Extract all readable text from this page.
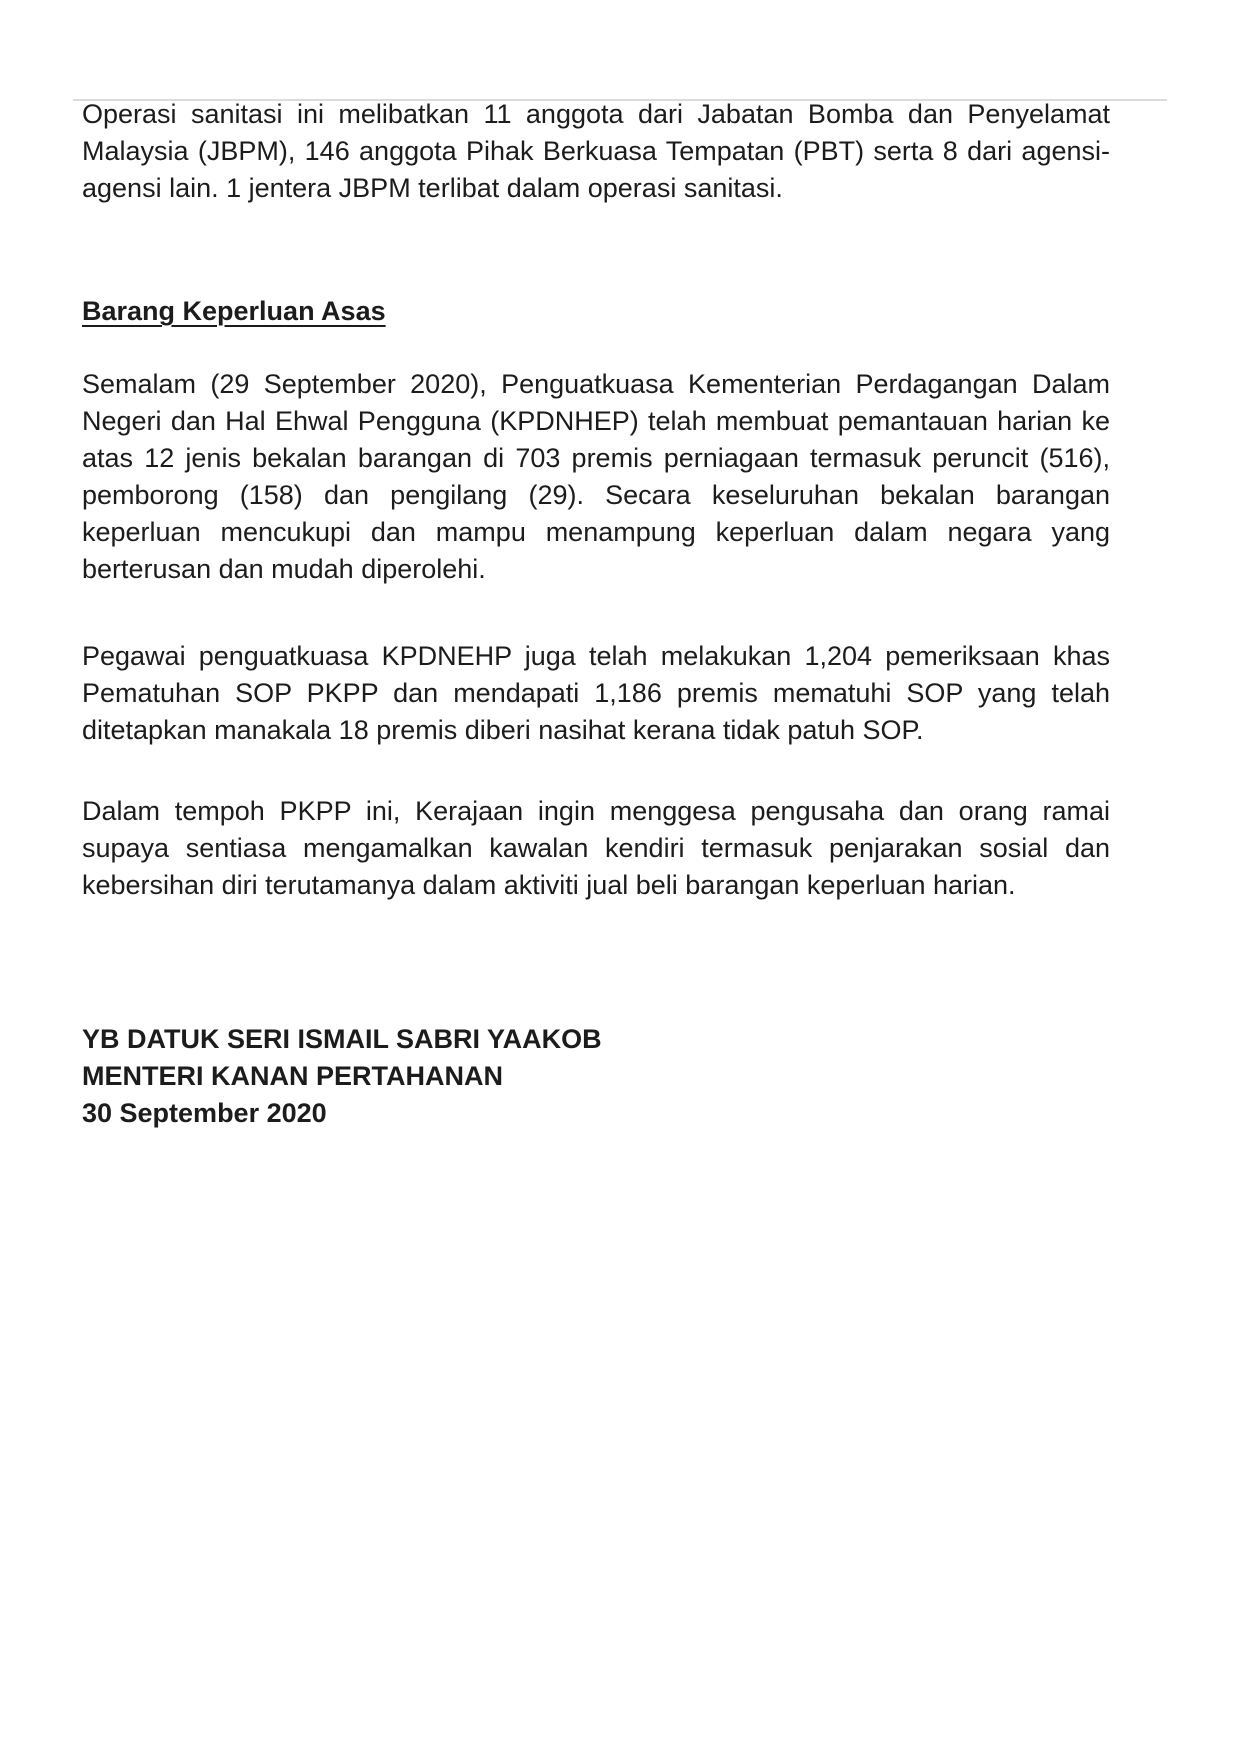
Operasi sanitasi ini melibatkan 11 anggota dari Jabatan Bomba dan Penyelamat Malaysia (JBPM), 146 anggota Pihak Berkuasa Tempatan (PBT) serta 8 dari agensi-agensi lain. 1 jentera JBPM terlibat dalam operasi sanitasi.

Barang Keperluan Asas

Semalam (29 September 2020), Penguatkuasa Kementerian Perdagangan Dalam Negeri dan Hal Ehwal Pengguna (KPDNHEP) telah membuat pemantauan harian ke atas 12 jenis bekalan barangan di 703 premis perniagaan termasuk peruncit (516), pemborong (158) dan pengilang (29). Secara keseluruhan bekalan barangan keperluan mencukupi dan mampu menampung keperluan dalam negara yang berterusan dan mudah diperolehi.

Pegawai penguatkuasa KPDNEHP juga telah melakukan 1,204 pemeriksaan khas Pematuhan SOP PKPP dan mendapati 1,186 premis mematuhi SOP yang telah ditetapkan manakala 18 premis diberi nasihat kerana tidak patuh SOP.

Dalam tempoh PKPP ini, Kerajaan ingin menggesa pengusaha dan orang ramai supaya sentiasa mengamalkan kawalan kendiri termasuk penjarakan sosial dan kebersihan diri terutamanya dalam aktiviti jual beli barangan keperluan harian.

YB DATUK SERI ISMAIL SABRI YAAKOB
MENTERI KANAN PERTAHANAN
30 September 2020
